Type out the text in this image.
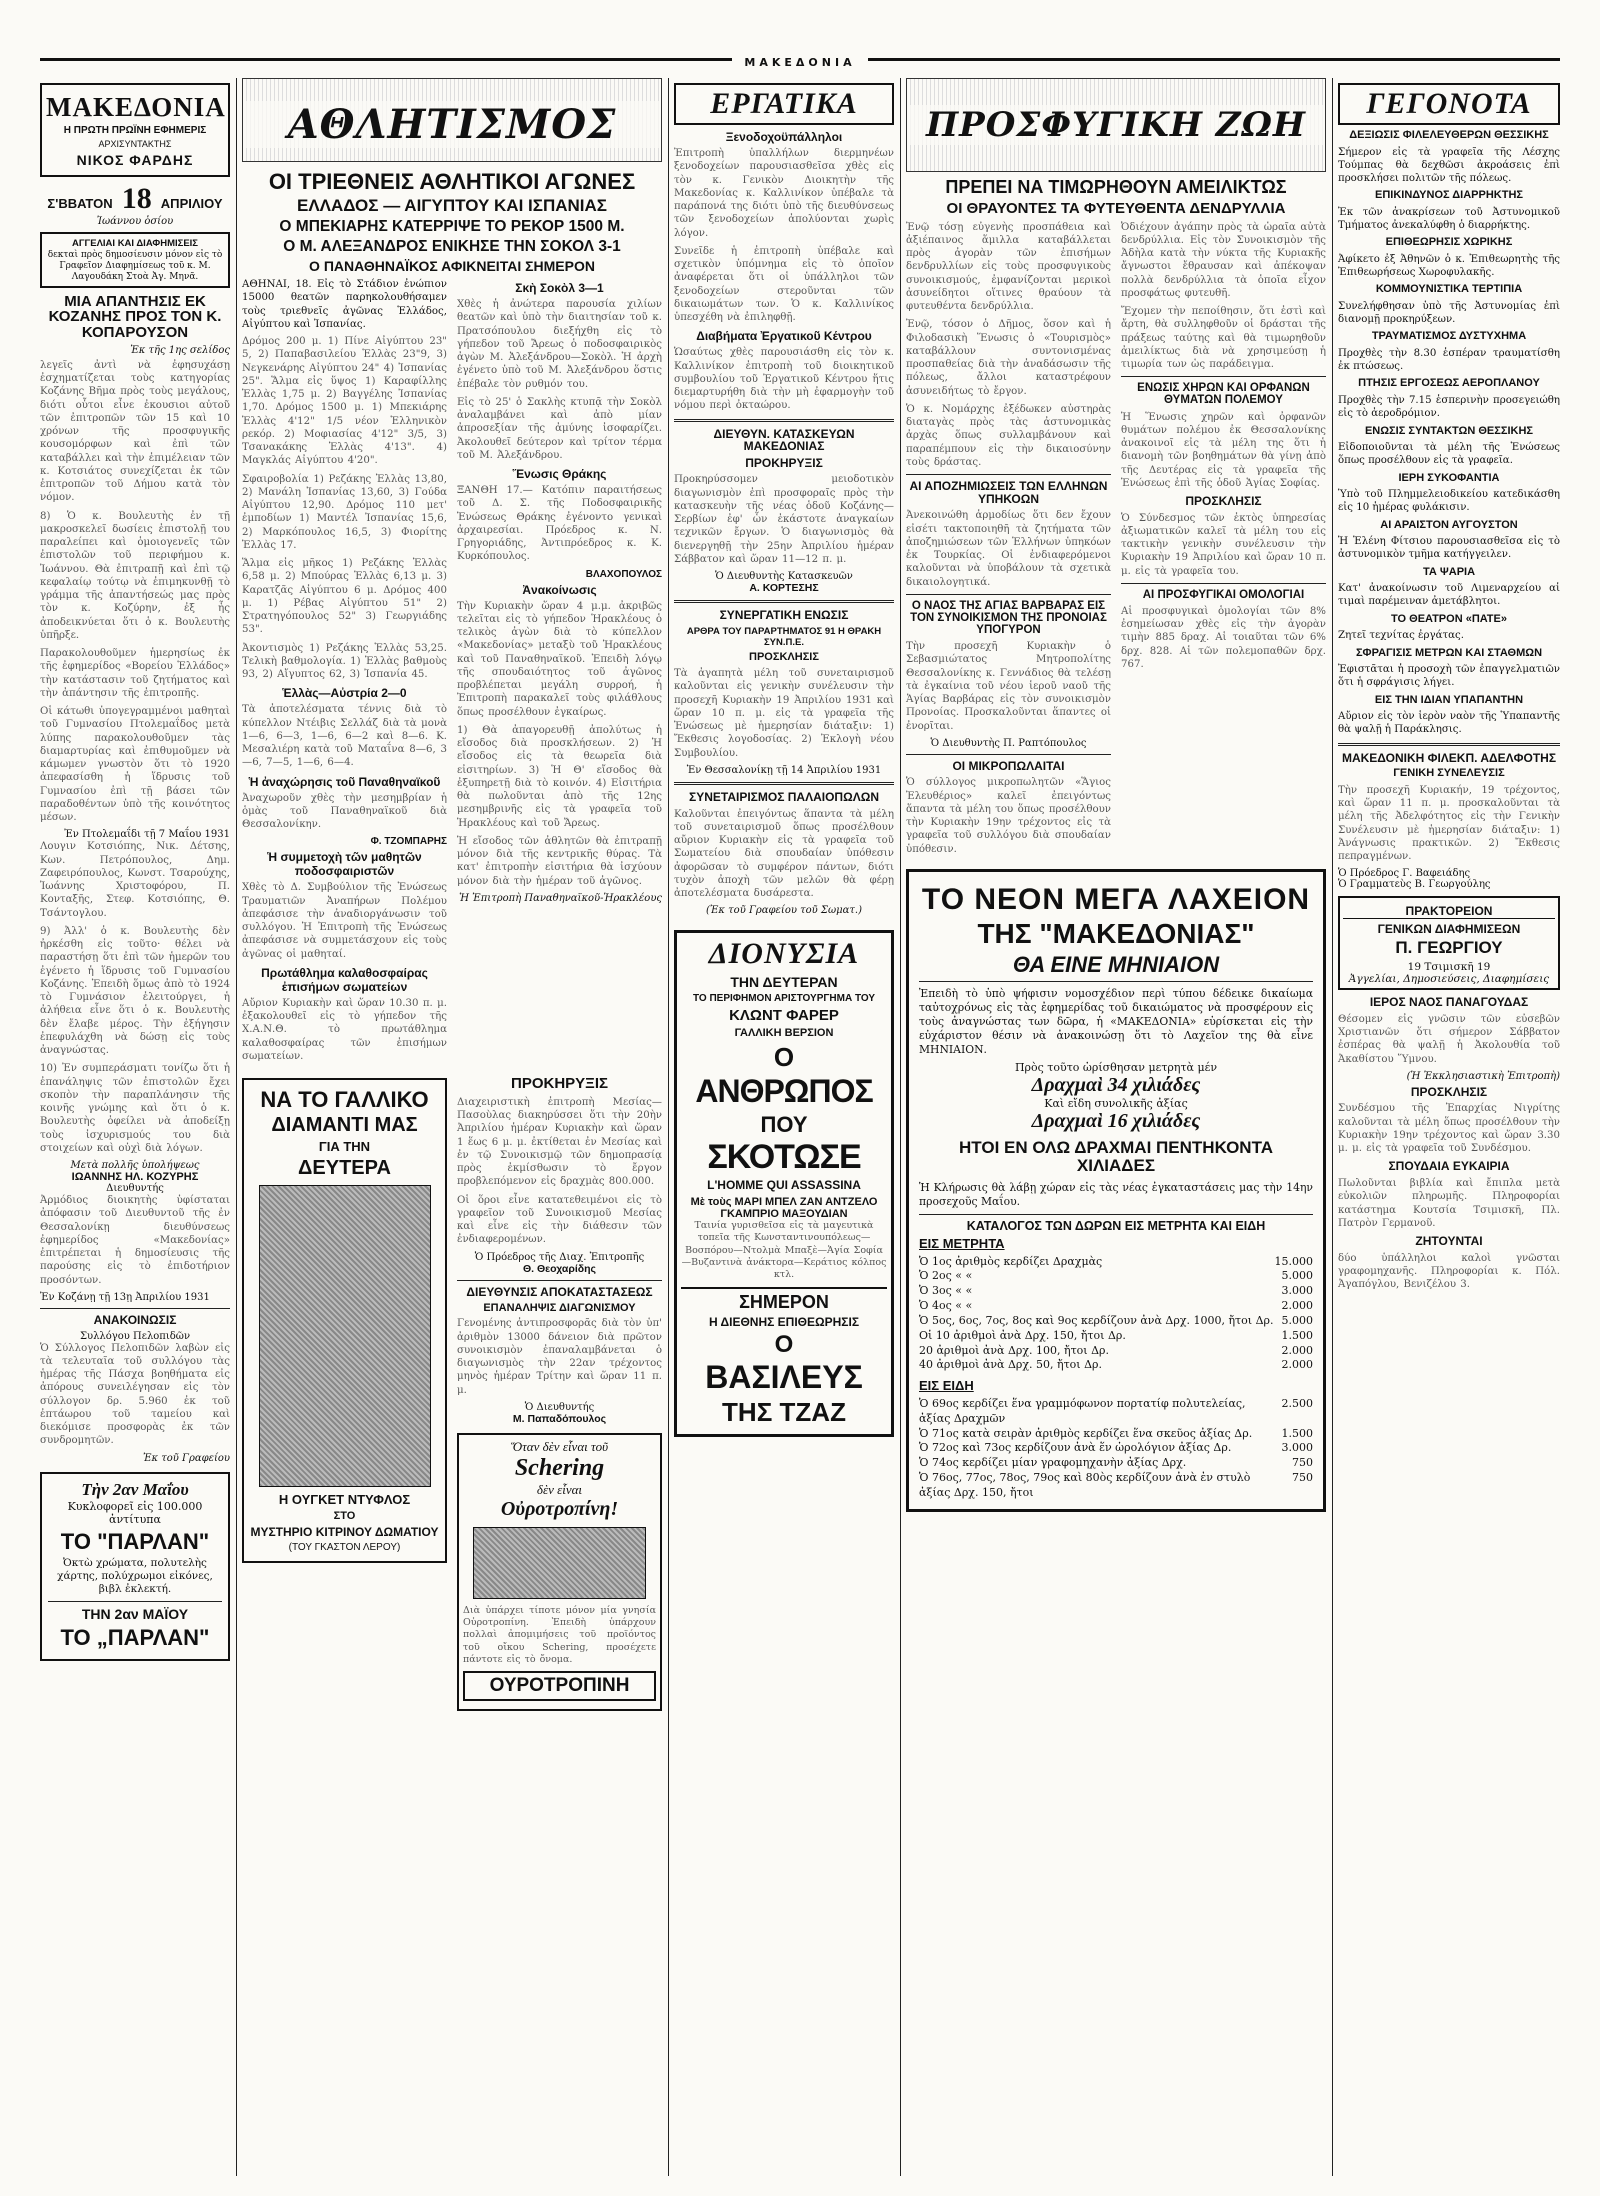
ΜΑΚΕΔΟΝΙΑ
ΜΑΚΕΔΟΝΙΑ
Η ΠΡΩΤΗ ΠΡΩΪΝΗ ΕΦΗΜΕΡΙΣ
ΑΡΧΙΣΥΝΤΑΚΤΗΣ
ΝΙΚΟΣ ΦΑΡΔΗΣ
Σ'ΒΒΑΤΟΝ 18 ΑΠΡΙΛΙΟΥ
Ἰωάννου ὁσίου
ΑΓΓΕΛΙΑΙ ΚΑΙ ΔΙΑΦΗΜΙΣΕΙΣ
δεκταὶ πρὸς δημοσίευσιν μόνον εἰς τὸ Γραφεῖον Διαφημίσεως τοῦ κ. Μ. Λαγουδάκη Στοὰ Ἀγ. Μηνᾶ.
ΜΙΑ ΑΠΑΝΤΗΣΙΣ ΕΚ ΚΟΖΑΝΗΣ ΠΡΟΣ ΤΟΝ Κ. ΚΟΠΑΡΟΥΣΟΝ
Ἐκ τῆς 1ης σελίδος
λεγεῖς ἀντὶ νὰ ἐφησυχάσῃ ἐσχηματίζεται τοὺς κατηγορίας Κοζάνης Βῆμα πρὸς τοὺς μεγάλους, διότι οὗτοι εἶνε ἐκουσιοι αὐτοῦ τῶν ἐπιτροπῶν τῶν 15 καὶ 10 χρόνων τῆς προσφυγικῆς κουσομόρφων καὶ ἐπὶ τῶν καταβάλλει καὶ τὴν ἐπιμέλειαν τῶν κ. Κοτσιάτος συνεχίζεται ἐκ τῶν ἐπιτροπῶν τοῦ Δήμου κατὰ τὸν νόμον.
8) Ὁ κ. Βουλευτὴς ἐν τῇ μακροσκελεῖ δωσίεις ἐπιστολῇ του παραλείπει καὶ ὁμοιογενεῖς τῶν ἐπιστολῶν τοῦ περιφήμου κ. Ἰωάννου. Θὰ ἐπιτραπῇ καὶ ἐπὶ τῷ κεφαλαίῳ τούτῳ νὰ ἐπιμηκυνθῇ τὸ γράμμα τῆς ἀπαντήσεώς μας πρὸς τὸν κ. Κοζύρην, ἐξ ἧς ἀποδεικνύεται ὅτι ὁ κ. Βουλευτὴς ὑπῆρξε.
Παρακολουθοῦμεν ἡμερησίως ἐκ τῆς ἐφημερίδος «Βορείου Ἑλλάδος» τὴν κατάστασιν τοῦ ζητήματος καὶ τὴν ἀπάντησιν τῆς ἐπιτροπῆς.
Οἱ κάτωθι ὑπογεγραμμένοι μαθηταὶ τοῦ Γυμνασίου Πτολεμαΐδος μετὰ λύπης παρακολουθοῦμεν τὰς διαμαρτυρίας καὶ ἐπιθυμοῦμεν νὰ κάμωμεν γνωστὸν ὅτι τὸ 1920 ἀπεφασίσθη ἡ ἵδρυσις τοῦ Γυμνασίου ἐπὶ τῇ βάσει τῶν παραδοθέντων ὑπὸ τῆς κοινότητος μέσων.
Ἐν Πτολεμαΐδι τῇ 7 Μαΐου 1931
Λουγιν Κοτσιόπης, Νικ. Δέτσης, Κων. Πετρόπουλος, Δημ. Ζαφειρόπουλος, Κωνστ. Τσαρούχης, Ἰωάννης Χριστοφόρου, Π. Κονταξῆς, Στεφ. Κοτσιόπης, Θ. Τσάντογλου.
9) Ἀλλ' ὁ κ. Βουλευτὴς δὲν ἠρκέσθη εἰς τοῦτο· θέλει νὰ παραστήσῃ ὅτι ἐπὶ τῶν ἡμερῶν του ἐγένετο ἡ ἵδρυσις τοῦ Γυμνασίου Κοζάνης. Ἐπειδὴ ὅμως ἀπὸ τὸ 1924 τὸ Γυμνάσιον ἐλειτούργει, ἡ ἀλήθεια εἶνε ὅτι ὁ κ. Βουλευτὴς δὲν ἔλαβε μέρος. Τὴν ἐξήγησιν ἐπεφυλάχθη νὰ δώσῃ εἰς τοὺς ἀναγνώστας.
10) Ἐν συμπεράσματι τονίζω ὅτι ἡ ἐπανάληψις τῶν ἐπιστολῶν ἔχει σκοπὸν τὴν παραπλάνησιν τῆς κοινῆς γνώμης καὶ ὅτι ὁ κ. Βουλευτὴς ὀφείλει νὰ ἀποδείξῃ τοὺς ἰσχυρισμούς του διὰ στοιχείων καὶ οὐχὶ διὰ λόγων.
Μετὰ πολλῆς ὑπολήψεως
ΙΩΑΝΝΗΣ ΗΛ. ΚΟΖΥΡΗΣ
Διευθυντής
Ἀρμόδιος διοικητὴς ὑφίσταται ἀπόφασιν τοῦ Διευθυντοῦ τῆς ἐν Θεσσαλονίκῃ διευθύνσεως ἐφημερίδος «Μακεδονίας» ἐπιτρέπεται ἡ δημοσίευσις τῆς παρούσης εἰς τὸ ἐπιδοτήριον προσόντων.
Ἐν Κοζάνῃ τῇ 13ῃ Ἀπριλίου 1931
ΑΝΑΚΟΙΝΩΣΙΣ
Συλλόγου Πελοπιδῶν
Ὁ Σύλλογος Πελοπιδῶν λαβὼν εἰς τὰ τελευταῖα τοῦ συλλόγου τὰς ἡμέρας τῆς Πάσχα βοηθήματα εἰς ἀπόρους συνειλέγησαν εἰς τὸν σύλλογον δρ. 5.960 ἐκ τοῦ ἐπτάωρου τοῦ ταμείου καὶ διεκόμισε προσφορὰς ἐκ τῶν συνδρομητῶν.
Ἐκ τοῦ Γραφείου
Τὴν 2αν Μαΐου
Κυκλοφορεῖ εἰς 100.000 ἀντίτυπα
ΤΟ "ΠΑΡΛΑΝ"
Ὀκτὼ χρώματα, πολυτελὴς χάρτης, πολύχρωμοι εἰκόνες, βιβλ ἐκλεκτή.
ΤΗΝ 2αν ΜΑΪΟΥ
ΤΟ „ΠΑΡΛΑΝ"
ΑΘΛΗΤΙΣΜΟΣ
ΟΙ ΤΡΙΕΘΝΕΙΣ ΑΘΛΗΤΙΚΟΙ ΑΓΩΝΕΣ
ΕΛΛΑΔΟΣ — ΑΙΓΥΠΤΟΥ ΚΑΙ ΙΣΠΑΝΙΑΣ
Ο ΜΠΕΚΙΑΡΗΣ ΚΑΤΕΡΡΙΨΕ ΤΟ ΡΕΚΟΡ 1500 Μ.
Ο Μ. ΑΛΕΞΑΝΔΡΟΣ ΕΝΙΚΗΣΕ ΤΗΝ ΣΟΚΟΛ 3-1
Ο ΠΑΝΑΘΗΝΑΪΚΟΣ ΑΦΙΚΝΕΙΤΑΙ ΣΗΜΕΡΟΝ
ΑΘΗΝΑΙ, 18. Εἰς τὸ Στάδιον ἐνώπιον 15000 θεατῶν παρηκολουθήσαμεν τοὺς τριεθνεῖς ἀγῶνας Ἑλλάδος, Αἰγύπτου καὶ Ἰσπανίας.
Δρόμος 200 μ. 1) Πίνε Αἰγύπτου 23" 5, 2) Παπαβασιλείου Ἑλλὰς 23"9, 3) Νεγκενάρης Αἰγύπτου 24" 4) Ἰσπανίας 25". Ἅλμα εἰς ὕψος 1) Καραφίλλης Ἑλλὰς 1,75 μ. 2) Βαγγέλης Ἰσπανίας 1,70. Δρόμος 1500 μ. 1) Μπεκιάρης Ἑλλὰς 4'12" 1/5 νέον Ἑλληνικὸν ρεκόρ. 2) Μοφιασίας 4'12" 3/5, 3) Τσανακάκης Ἑλλὰς 4'13". 4) Μαγκλάς Αἰγύπτου 4'20".
Σφαιροβολία 1) Ρεζάκης Ἑλλὰς 13,80, 2) Μανάλη Ἰσπανίας 13,60, 3) Γούδα Αἰγύπτου 12,90. Δρόμος 110 μετ' ἐμποδίων 1) Μαντέλ Ἰσπανίας 15,6, 2) Μαρκόπουλος 16,5, 3) Φιορίτης Ἑλλὰς 17.
Ἅλμα εἰς μῆκος 1) Ρεζάκης Ἑλλὰς 6,58 μ. 2) Μπούρας Ἑλλὰς 6,13 μ. 3) Καρατζᾶς Αἰγύπτου 6 μ. Δρόμος 400 μ. 1) Ρέβας Αἰγύπτου 51" 2) Στρατηγόπουλος 52" 3) Γεωργιάδης 53".
Ἀκοντισμὸς 1) Ρεζάκης Ἑλλὰς 53,25. Τελικὴ βαθμολογία. 1) Ἑλλὰς βαθμοὺς 93, 2) Αἴγυπτος 62, 3) Ἰσπανία 45.
Ἑλλὰς—Αὐστρία 2—0
Τὰ ἀποτελέσματα τέννις διὰ τὸ κύπελλον Ντέιβις Σελλάζ διὰ τὰ μονὰ 1—6, 6—3, 1—6, 6—2 καὶ 8—6. Κ. Μεσαλιέρη κατὰ τοῦ Ματαΐνα 8—6, 3—6, 7—5, 1—6, 6—4.
Ἡ ἀναχώρησις τοῦ Παναθηναϊκοῦ
Ἀναχωροῦν χθὲς τὴν μεσημβρίαν ἡ ὁμὰς τοῦ Παναθηναϊκοῦ διὰ Θεσσαλονίκην.
Φ. ΤΖΟΜΠΑΡΗΣ
Ἡ συμμετοχὴ τῶν μαθητῶν ποδοσφαιριστῶν
Χθὲς τὸ Δ. Συμβούλιον τῆς Ἑνώσεως Τραυματιῶν Ἀναπήρων Πολέμου ἀπεφάσισε τὴν ἀναδιοργάνωσιν τοῦ συλλόγου. Ἡ Ἐπιτροπὴ τῆς Ἑνώσεως ἀπεφάσισε νὰ συμμετάσχουν εἰς τοὺς ἀγῶνας οἱ μαθηταί.
Πρωτάθλημα καλαθοσφαίρας ἐπισήμων σωματείων
Αὔριον Κυριακὴν καὶ ὥραν 10.30 π. μ. ἐξακολουθεῖ εἰς τὸ γήπεδον τῆς Χ.Α.Ν.Θ. τὸ πρωτάθλημα καλαθοσφαίρας τῶν ἐπισήμων σωματείων.
Σκὴ Σοκὸλ 3—1
Χθὲς ἡ ἀνώτερα παρουσία χιλίων θεατῶν καὶ ὑπὸ τὴν διαιτησίαν τοῦ κ. Πρατσόπουλου διεξήχθη εἰς τὸ γήπεδον τοῦ Ἄρεως ὁ ποδοσφαιρικὸς ἀγὼν Μ. Ἀλεξάνδρου—Σοκὸλ. Ἡ ἀρχὴ ἐγένετο ὑπὸ τοῦ Μ. Ἀλεξάνδρου ὅστις ἐπέβαλε τὸν ρυθμόν του.
Εἰς τὸ 25' ὁ Σακλὴς κτυπᾷ τὴν Σοκὸλ ἀναλαμβάνει καὶ ἀπὸ μίαν ἀπροσεξίαν τῆς ἀμύνης ἰσοφαρίζει. Ἀκολουθεῖ δεύτερον καὶ τρίτον τέρμα τοῦ Μ. Ἀλεξάνδρου.
Ἕνωσις Θράκης
ΞΑΝΘΗ 17.— Κατόπιν παραιτήσεως τοῦ Δ. Σ. τῆς Ποδοσφαιρικῆς Ἑνώσεως Θράκης ἐγένοντο γενικαὶ ἀρχαιρεσίαι. Πρόεδρος κ. Ν. Γρηγοριάδης, Ἀντιπρόεδρος κ. Κ. Κυρκόπουλος.
ΒΛΑΧΟΠΟΥΛΟΣ
Ἀνακοίνωσις
Τὴν Κυριακὴν ὥραν 4 μ.μ. ἀκριβῶς τελεῖται εἰς τὸ γήπεδον Ἡρακλέους ὁ τελικὸς ἀγὼν διὰ τὸ κύπελλον «Μακεδονίας» μεταξὺ τοῦ Ἡρακλέους καὶ τοῦ Παναθηναϊκοῦ. Ἐπειδὴ λόγῳ τῆς σπουδαιότητος τοῦ ἀγῶνος προβλέπεται μεγάλη συρροή, ἡ Ἐπιτροπὴ παρακαλεῖ τοὺς φιλάθλους ὅπως προσέλθουν ἐγκαίρως.
1) Θὰ ἀπαγορευθῇ ἀπολύτως ἡ εἴσοδος διὰ προσκλήσεων. 2) Ἡ εἴσοδος εἰς τὰ θεωρεῖα διὰ εἰσιτηρίων. 3) Ἡ Θ' εἴσοδος θὰ ἐξυπηρετῇ διὰ τὸ κοινόν. 4) Εἰσιτήρια θὰ πωλοῦνται ἀπὸ τῆς 12ης μεσημβρινῆς εἰς τὰ γραφεῖα τοῦ Ἡρακλέους καὶ τοῦ Ἄρεως.
Ἡ εἴσοδος τῶν ἀθλητῶν θὰ ἐπιτραπῇ μόνον διὰ τῆς κεντρικῆς θύρας. Τὰ κατ' ἐπιτροπὴν εἰσιτήρια θὰ ἰσχύουν μόνον διὰ τὴν ἡμέραν τοῦ ἀγῶνος.
Ἡ Ἐπιτροπὴ Παναθηναϊκοῦ-Ἡρακλέους
ΝΑ ΤΟ ΓΑΛΛΙΚΟ
ΔΙΑΜΑΝΤΙ ΜΑΣ
ΓΙΑ ΤΗΝ
ΔΕΥΤΕΡΑ
Η ΟΥΓΚΕΤ ΝΤΥΦΛΟΣ
ΣΤΟ
ΜΥΣΤΗΡΙΟ ΚΙΤΡΙΝΟΥ ΔΩΜΑΤΙΟΥ
(ΤΟΥ ΓΚΑΣΤΟΝ ΛΕΡΟΥ)
ΠΡΟΚΗΡΥΞΙΣ
Διαχειριστικὴ ἐπιτροπὴ Μεσίας—Πασοὺλας διακηρύσσει ὅτι τὴν 20ὴν Ἀπριλίου ἡμέραν Κυριακὴν καὶ ὥραν 1 ἕως 6 μ. μ. ἐκτίθεται ἐν Μεσίας καὶ ἐν τῷ Συνοικισμῷ τῶν δημοπρασίᾳ πρὸς ἐκμίσθωσιν τὸ ἔργον προβλεπόμενον εἰς δραχμὰς 800.000.
Οἱ ὅροι εἶνε κατατεθειμένοι εἰς τὸ γραφεῖον τοῦ Συνοικισμοῦ Μεσίας καὶ εἶνε εἰς τὴν διάθεσιν τῶν ἐνδιαφερομένων.
Ὁ Πρόεδρος τῆς Διαχ. Ἐπιτροπῆς
Θ. Θεοχαρίδης
ΔΙΕΥΘΥΝΣΙΣ ΑΠΟΚΑΤΑΣΤΑΣΕΩΣ
ΕΠΑΝΑΛΗΨΙΣ ΔΙΑΓΩΝΙΣΜΟΥ
Γενομένης ἀντιπροσφορᾶς διὰ τὸν ὑπ' ἀριθμὸν 13000 δάνειον διὰ πρῶτον συνοικισμὸν ἐπαναλαμβάνεται ὁ διαγωνισμὸς τὴν 22αν τρέχοντος μηνὸς ἡμέραν Τρίτην καὶ ὥραν 11 π. μ.
Ὁ Διευθυντής
Μ. Παπαδόπουλος
Ὅταν δὲν εἶναι τοῦ
Schering
δὲν εἶναι
Οὐροτροπίνη!
Διὰ ὑπάρχει τίποτε μόνον μία γνησία Οὐροτροπίνη. Ἐπειδὴ ὑπάρχουν πολλαὶ ἀπομιμήσεις τοῦ προϊόντος τοῦ οἴκου Schering, προσέχετε πάντοτε εἰς τὸ ὄνομα.
ΟΥΡΟΤΡΟΠΙΝΗ
ΕΡΓΑΤΙΚΑ
Ξενοδοχοϋπάλληλοι
Ἐπιτροπὴ ὑπαλλήλων διερμηνέων ξενοδοχείων παρουσιασθεῖσα χθὲς εἰς τὸν κ. Γενικὸν Διοικητὴν τῆς Μακεδονίας κ. Καλλινίκον ὑπέβαλε τὰ παράπονά της διότι ὑπὸ τῆς διευθύνσεως τῶν ξενοδοχείων ἀπολύονται χωρὶς λόγον.
Συνεῖδε ἡ ἐπιτροπὴ ὑπέβαλε καὶ σχετικὸν ὑπόμνημα εἰς τὸ ὁποῖον ἀναφέρεται ὅτι οἱ ὑπάλληλοι τῶν ξενοδοχείων στεροῦνται τῶν δικαιωμάτων των. Ὁ κ. Καλλινίκος ὑπεσχέθη νὰ ἐπιληφθῇ.
Διαβήματα Ἐργατικοῦ Κέντρου
Ὡσαύτως χθὲς παρουσιάσθη εἰς τὸν κ. Καλλινίκον ἐπιτροπὴ τοῦ διοικητικοῦ συμβουλίου τοῦ Ἐργατικοῦ Κέντρου ἥτις διεμαρτυρήθη διὰ τὴν μὴ ἐφαρμογὴν τοῦ νόμου περὶ ὀκταώρου.
ΔΙΕΥΘΥΝ. ΚΑΤΑΣΚΕΥΩΝ ΜΑΚΕΔΟΝΙΑΣ
ΠΡΟΚΗΡΥΞΙΣ
Προκηρύσσομεν μειοδοτικὸν διαγωνισμὸν ἐπὶ προσφοραῖς πρὸς τὴν κατασκευὴν τῆς νέας ὁδοῦ Κοζάνης—Σερβίων ἐφ' ὧν ἐκάστοτε ἀναγκαίων τεχνικῶν ἔργων. Ὁ διαγωνισμὸς θὰ διενεργηθῇ τὴν 25ην Ἀπριλίου ἡμέραν Σάββατον καὶ ὥραν 11—12 π. μ.
Ὁ Διευθυντὴς Κατασκευῶν
Α. ΚΟΡΤΕΣΗΣ
ΣΥΝΕΡΓΑΤΙΚΗ ΕΝΩΣΙΣ
ΑΡΘΡΑ ΤΟΥ ΠΑΡΑΡΤΗΜΑΤΟΣ 91 Η ΘΡΑΚΗ ΣΥΝ.Π.Ε.
ΠΡΟΣΚΛΗΣΙΣ
Τὰ ἀγαπητὰ μέλη τοῦ συνεταιρισμοῦ καλοῦνται εἰς γενικὴν συνέλευσιν τὴν προσεχῆ Κυριακὴν 19 Ἀπριλίου 1931 καὶ ὥραν 10 π. μ. εἰς τὰ γραφεῖα τῆς Ἑνώσεως μὲ ἡμερησίαν διάταξιν: 1) Ἔκθεσις λογοδοσίας. 2) Ἐκλογὴ νέου Συμβουλίου.
Ἐν Θεσσαλονίκῃ τῇ 14 Ἀπριλίου 1931
ΣΥΝΕΤΑΙΡΙΣΜΟΣ ΠΑΛΑΙΟΠΩΛΩΝ
Καλοῦνται ἐπειγόντως ἅπαντα τὰ μέλη τοῦ συνεταιρισμοῦ ὅπως προσέλθουν αὔριον Κυριακὴν εἰς τὰ γραφεῖα τοῦ Σωματείου διὰ σπουδαίαν ὑπόθεσιν ἀφορῶσαν τὸ συμφέρον πάντων, διότι τυχὸν ἀποχὴ τῶν μελῶν θὰ φέρῃ ἀποτελέσματα δυσάρεστα.
(Ἐκ τοῦ Γραφείου τοῦ Σωματ.)
ΔΙΟΝΥΣΙΑ
ΤΗΝ ΔΕΥΤΕΡΑΝ
ΤΟ ΠΕΡΙΦΗΜΟΝ ΑΡΙΣΤΟΥΡΓΗΜΑ ΤΟΥ
ΚΛΩΝΤ ΦΑΡΕΡ
ΓΑΛΛΙΚΗ ΒΕΡΣΙΟΝ
Ο
ΑΝΘΡΩΠΟΣ
ΠΟΥ
ΣΚΟΤΩΣΕ
L'HOMME QUI ASSASSINA
Μὲ τοὺς ΜΑΡΙ ΜΠΕΛ ΖΑΝ ΑΝΤΖΕΛΟ ΓΚΑΜΠΡΙΟ ΜΑΞΟΥΔΙΑΝ
Ταινία γυρισθεῖσα εἰς τὰ μαγευτικὰ τοπεῖα τῆς Κωνσταντινουπόλεως—Βοσπόρου—Ντολμὰ Μπαξὲ—Ἁγία Σοφία—Βυζαντινὰ ἀνάκτορα—Κεράτιος κόλπος κτλ.
ΣΗΜΕΡΟΝ
Η ΔΙΕΘΝΗΣ ΕΠΙΘΕΩΡΗΣΙΣ
Ο
ΒΑΣΙΛΕΥΣ
ΤΗΣ ΤΖΑΖ
ΠΡΟΣΦΥΓΙΚΗ ΖΩΗ
ΠΡΕΠΕΙ ΝΑ ΤΙΜΩΡΗΘΟΥΝ ΑΜΕΙΛΙΚΤΩΣ
ΟΙ ΘΡΑΥΟΝΤΕΣ ΤΑ ΦΥΤΕΥΘΕΝΤΑ ΔΕΝΔΡΥΛΛΙΑ
Ἐνῷ τόσῃ εὐγενὴς προσπάθεια καὶ ἀξιέπαινος ἅμιλλα καταβάλλεται πρὸς ἀγορὰν τῶν ἐπισήμων δενδρυλλίων εἰς τοὺς προσφυγικοὺς συνοικισμούς, ἐμφανίζονται μερικοὶ ἀσυνείδητοι οἵτινες θραύουν τὰ φυτευθέντα δενδρύλλια.
Ἐνῷ, τόσον ὁ Δῆμος, ὅσον καὶ ἡ Φιλοδασικὴ Ἕνωσις ὁ «Τουρισμὸς» καταβάλλουν συντονισμένας προσπαθείας διὰ τὴν ἀναδάσωσιν τῆς πόλεως, ἄλλοι καταστρέφουν ἀσυνειδήτως τὸ ἔργον.
Ὁ κ. Νομάρχης ἐξέδωκεν αὐστηρὰς διαταγὰς πρὸς τὰς ἀστυνομικὰς ἀρχὰς ὅπως συλλαμβάνουν καὶ παραπέμπουν εἰς τὴν δικαιοσύνην τοὺς δράστας.
ΑΙ ΑΠΟΖΗΜΙΩΣΕΙΣ ΤΩΝ ΕΛΛΗΝΩΝ ΥΠΗΚΟΩΝ
Ἀνεκοινώθη ἁρμοδίως ὅτι δεν ἔχουν εἰσέτι τακτοποιηθῆ τὰ ζητήματα τῶν ἀποζημιώσεων τῶν Ἑλλήνων ὑπηκόων ἐκ Τουρκίας. Οἱ ἐνδιαφερόμενοι καλοῦνται νὰ ὑποβάλουν τὰ σχετικὰ δικαιολογητικά.
Ο ΝΑΟΣ ΤΗΣ ΑΓΙΑΣ ΒΑΡΒΑΡΑΣ ΕΙΣ ΤΟΝ ΣΥΝΟΙΚΙΣΜΟΝ ΤΗΣ ΠΡΟΝΟΙΑΣ ΥΠΟΓΥΡΟΝ
Τὴν προσεχῆ Κυριακὴν ὁ Σεβασμιώτατος Μητροπολίτης Θεσσαλονίκης κ. Γεννάδιος θὰ τελέσῃ τὰ ἐγκαίνια τοῦ νέου ἱεροῦ ναοῦ τῆς Ἁγίας Βαρβάρας εἰς τὸν συνοικισμὸν Προνοίας. Προσκαλοῦνται ἅπαντες οἱ ἐνορῖται.
Ὁ Διευθυντὴς Π. Ραπτόπουλος
ΟΙ ΜΙΚΡΟΠΩΛΑΙΤΑΙ
Ὁ σύλλογος μικροπωλητῶν «Ἅγιος Ἐλευθέριος» καλεῖ ἐπειγόντως ἅπαντα τὰ μέλη του ὅπως προσέλθουν τὴν Κυριακὴν 19ην τρέχοντος εἰς τὰ γραφεῖα τοῦ συλλόγου διὰ σπουδαίαν ὑπόθεσιν.
Ὀδιέχουν ἀγάπην πρὸς τὰ ὡραῖα αὐτὰ δενδρύλλια. Εἰς τὸν Συνοικισμὸν τῆς Ἀδὴλα κατὰ τὴν νύκτα τῆς Κυριακῆς ἄγνωστοι ἔθραυσαν καὶ ἀπέκοψαν πολλὰ δενδρύλλια τὰ ὁποῖα εἶχον προσφάτως φυτευθῆ.
Ἔχομεν τὴν πεποίθησιν, ὅτι ἐστὶ καὶ ἄρτη, θὰ συλληφθοῦν οἱ δράσται τῆς πράξεως ταύτης καὶ θὰ τιμωρηθοῦν ἀμειλίκτως διὰ νὰ χρησιμεύσῃ ἡ τιμωρία των ὡς παράδειγμα.
ΕΝΩΣΙΣ ΧΗΡΩΝ ΚΑΙ ΟΡΦΑΝΩΝ ΘΥΜΑΤΩΝ ΠΟΛΕΜΟΥ
Ἡ Ἕνωσις χηρῶν καὶ ὀρφανῶν θυμάτων πολέμου ἐκ Θεσσαλονίκης ἀνακοινοῖ εἰς τὰ μέλη της ὅτι ἡ διανομὴ τῶν βοηθημάτων θὰ γίνῃ ἀπὸ τῆς Δευτέρας εἰς τὰ γραφεῖα τῆς Ἑνώσεως ἐπὶ τῆς ὁδοῦ Ἁγίας Σοφίας.
ΠΡΟΣΚΛΗΣΙΣ
Ὁ Σύνδεσμος τῶν ἐκτὸς ὑπηρεσίας ἀξιωματικῶν καλεῖ τὰ μέλη του εἰς τακτικὴν γενικὴν συνέλευσιν τὴν Κυριακὴν 19 Ἀπριλίου καὶ ὥραν 10 π. μ. εἰς τὰ γραφεῖα του.
ΑΙ ΠΡΟΣΦΥΓΙΚΑΙ ΟΜΟΛΟΓΙΑΙ
Αἱ προσφυγικαὶ ὁμολογίαι τῶν 8% ἐσημείωσαν χθὲς εἰς τὴν ἀγορὰν τιμὴν 885 δραχ. Αἱ τοιαῦται τῶν 6% δρχ. 828. Αἱ τῶν πολεμοπαθῶν δρχ. 767.
ΤΟ ΝΕΟΝ ΜΕΓΑ ΛΑΧΕΙΟΝ
ΤΗΣ "ΜΑΚΕΔΟΝΙΑΣ"
ΘΑ ΕΙΝΕ ΜΗΝΙΑΙΟΝ
Ἐπειδὴ τὸ ὑπὸ ψήφισιν νομοσχέδιον περὶ τύπου δέδεικε δικαίωμα ταὐτοχρόνως εἰς τὰς ἐφημερίδας τοῦ δικαιώματος νὰ προσφέρουν εἰς τοὺς ἀναγνώστας των δῶρα, ἡ «ΜΑΚΕΔΟΝΙΑ» εὑρίσκεται εἰς τὴν εὐχάριστον θέσιν νὰ ἀνακοινώσῃ ὅτι τὸ Λαχεῖον της θὰ εἶνε ΜΗΝΙΑΙΟΝ.
Πρὸς τοῦτο ὡρίσθησαν μετρητὰ μέν
Δραχμαὶ 34 χιλιάδες
Καὶ εἴδη συνολικῆς ἀξίας
Δραχμαὶ 16 χιλιάδες
ΗΤΟΙ ΕΝ ΟΛΩ ΔΡΑΧΜΑΙ ΠΕΝΤΗΚΟΝΤΑ ΧΙΛΙΑΔΕΣ
Ἡ Κλήρωσις θὰ λάβῃ χώραν εἰς τὰς νέας ἐγκαταστάσεις μας τὴν 14ην προσεχοῦς Μαΐου.
ΚΑΤΑΛΟΓΟΣ ΤΩΝ ΔΩΡΩΝ ΕΙΣ ΜΕΤΡΗΤΑ ΚΑΙ ΕΙΔΗ
ΕΙΣ ΜΕΤΡΗΤΑ
Ὁ 1ος ἀριθμὸς κερδίζει Δραχμὰς	15.000
Ὁ 2ος « «	5.000
Ὁ 3ος « «	3.000
Ὁ 4ος « «	2.000
Ὁ 5ος, 6ος, 7ος, 8ος καὶ 9ος κερδίζουν ἀνὰ Δρχ. 1000, ἤτοι Δρ. 5.000
Οἱ 10 ἀριθμοὶ ἀνὰ Δρχ. 150, ἤτοι Δρ.	1.500
20 ἀριθμοὶ ἀνὰ Δρχ. 100, ἤτοι Δρ.	2.000
40 ἀριθμοὶ ἀνὰ Δρχ. 50, ἤτοι Δρ.	2.000
ΕΙΣ ΕΙΔΗ
Ὁ 69ος κερδίζει ἕνα γραμμόφωνον πορτατίφ πολυτελείας, ἀξίας Δραχμῶν
2.500
Ὁ 71ος κατὰ σειρὰν ἀριθμὸς κερδίζει ἕνα σκεῦος ἀξίας Δρ.	1.500
Ὁ 72ος καὶ 73ος κερδίζουν ἀνὰ ἕν ὡρολόγιον ἀξίας Δρ.	3.000
Ὁ 74ος κερδίζει μίαν γραφομηχανὴν ἀξίας Δρχ.	750
Ὁ 76ος, 77ος, 78ος, 79ος καὶ 80ὸς κερδίζουν ἀνὰ ἐν στυλὸ ἀξίας Δρχ. 150, ἤτοι
750
ΓΕΓΟΝΟΤΑ
ΔΕΞΙΩΣΙΣ ΦΙΛΕΛΕΥΘΕΡΩΝ ΘΕΣΣΙΚΗΣ
Σήμερον εἰς τὰ γραφεῖα τῆς Λέσχης Τούμπας θὰ δεχθῶσι ἀκροάσεις ἐπὶ προσκλήσει πολιτῶν τῆς πόλεως.
ΕΠΙΚΙΝΔΥΝΟΣ ΔΙΑΡΡΗΚΤΗΣ
Ἐκ τῶν ἀνακρίσεων τοῦ Ἀστυνομικοῦ Τμήματος ἀνεκαλύφθη ὁ διαρρήκτης.
ΕΠΙΘΕΩΡΗΣΙΣ ΧΩΡΙΚΗΣ
Ἀφίκετο ἐξ Ἀθηνῶν ὁ κ. Ἐπιθεωρητὴς τῆς Ἐπιθεωρήσεως Χωροφυλακῆς.
ΚΟΜΜΟΥΝΙΣΤΙΚΑ ΤΕΡΤΙΠΙΑ
Συνελήφθησαν ὑπὸ τῆς Ἀστυνομίας ἐπὶ διανομῇ προκηρύξεων.
ΤΡΑΥΜΑΤΙΣΜΟΣ ΔΥΣΤΥΧΗΜΑ
Προχθὲς τὴν 8.30 ἑσπέραν τραυματίσθη ἐκ πτώσεως.
ΠΤΗΣΙΣ ΕΡΓΟΣΕΩΣ ΑΕΡΟΠΛΑΝΟΥ
Προχθὲς τὴν 7.15 ἑσπερινὴν προσεγειώθη εἰς τὸ ἀεροδρόμιον.
ΕΝΩΣΙΣ ΣΥΝΤΑΚΤΩΝ ΘΕΣΣΙΚΗΣ
Εἰδοποιοῦνται τὰ μέλη τῆς Ἑνώσεως ὅπως προσέλθουν εἰς τὰ γραφεῖα.
ΙΕΡΗ ΣΥΚΟΦΑΝΤΙΑ
Ὑπὸ τοῦ Πλημμελειοδικείου κατεδικάσθη εἰς 10 ἡμέρας φυλάκισιν.
ΑΙ ΑΡΑΙΣΤΟΝ ΑΥΓΟΥΣΤΟΝ
Ἡ Ἑλένη Φίτσιου παρουσιασθεῖσα εἰς τὸ ἀστυνομικὸν τμῆμα κατήγγειλεν.
ΤΑ ΨΑΡΙΑ
Κατ' ἀνακοίνωσιν τοῦ Λιμεναρχείου αἱ τιμαὶ παρέμειναν ἀμετάβλητοι.
ΤΟ ΘΕΑΤΡΟΝ «ΠΑΤΕ»
Ζητεῖ τεχνίτας ἐργάτας.
ΣΦΡΑΓΙΣΙΣ ΜΕΤΡΩΝ ΚΑΙ ΣΤΑΘΜΩΝ
Ἐφιστᾶται ἡ προσοχὴ τῶν ἐπαγγελματιῶν ὅτι ἡ σφράγισις λήγει.
ΕΙΣ ΤΗΝ ΙΔΙΑΝ ΥΠΑΠΑΝΤΗΝ
Αὔριον εἰς τὸν ἱερὸν ναὸν τῆς Ὑπαπαντῆς θὰ ψαλῇ ἡ Παράκλησις.
ΜΑΚΕΔΟΝΙΚΗ ΦΙΛΕΚΠ. ΑΔΕΛΦΟΤΗΣ
ΓΕΝΙΚΗ ΣΥΝΕΛΕΥΣΙΣ
Τὴν προσεχῆ Κυριακήν, 19 τρέχοντος, καὶ ὥραν 11 π. μ. προσκαλοῦνται τὰ μέλη τῆς Ἀδελφότητος εἰς τὴν Γενικὴν Συνέλευσιν μὲ ἡμερησίαν διάταξιν: 1) Ἀνάγνωσις πρακτικῶν. 2) Ἔκθεσις πεπραγμένων.
Ὁ Πρόεδρος Γ. Βαφειάδης
Ὁ Γραμματεὺς Β. Γεωργούλης
ΠΡΑΚΤΟΡΕΙΟΝ
ΓΕΝΙΚΩΝ ΔΙΑΦΗΜΙΣΕΩΝ
Π. ΓΕΩΡΓΙΟΥ
19 Τσιμισκῆ 19
Ἀγγελίαι, Δημοσιεύσεις, Διαφημίσεις
ΙΕΡΟΣ ΝΑΟΣ ΠΑΝΑΓΟΥΔΑΣ
Θέσομεν εἰς γνῶσιν τῶν εὐσεβῶν Χριστιανῶν ὅτι σήμερον Σάββατον ἐσπέρας θὰ ψαλῇ ἡ Ἀκολουθία τοῦ Ἀκαθίστου Ὕμνου.
(Ἡ Ἐκκλησιαστικὴ Ἐπιτροπὴ)
ΠΡΟΣΚΛΗΣΙΣ
Συνδέσμου τῆς Ἐπαρχίας Νιγρίτης καλοῦνται τὰ μέλη ὅπως προσέλθουν τὴν Κυριακὴν 19ην τρέχοντος καὶ ὥραν 3.30 μ. μ. εἰς τὰ γραφεῖα τοῦ Συνδέσμου.
ΣΠΟΥΔΑΙΑ ΕΥΚΑΙΡΙΑ
Πωλοῦνται βιβλία καὶ ἔπιπλα μετὰ εὐκολιῶν πληρωμῆς. Πληροφορίαι κατάστημα Κουτσία Τσιμισκῆ, Πλ. Πατρὸν Γερμανοῦ.
ΖΗΤΟΥΝΤΑΙ
δύο ὑπάλληλοι καλοὶ γνῶσται γραφομηχανῆς. Πληροφορίαι κ. Πόλ. Ἀγαπόγλου, Βενιζέλου 3.
